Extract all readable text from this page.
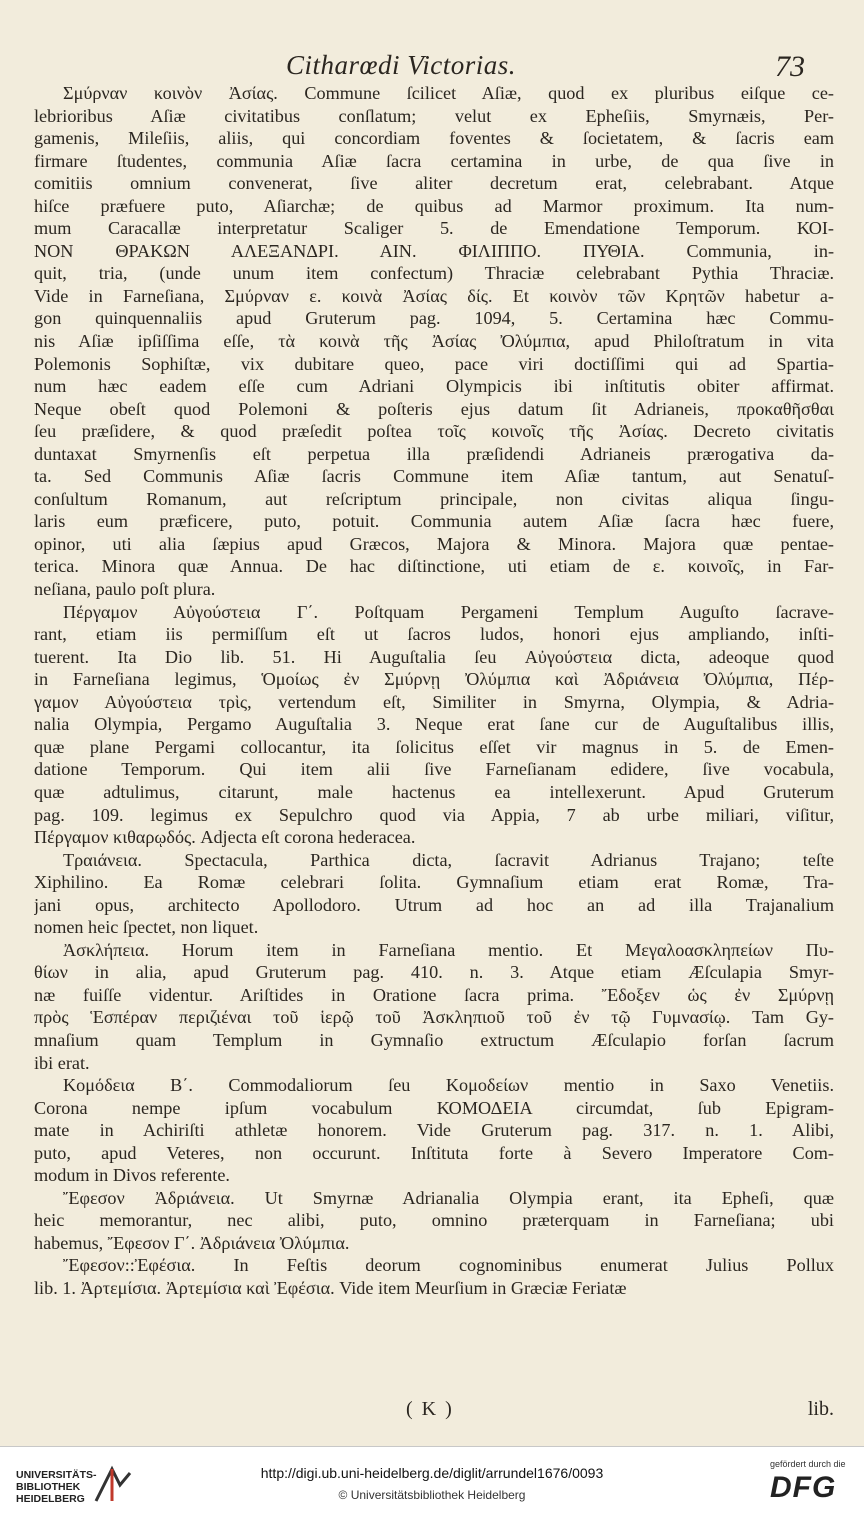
Citharœdi Victorias.	73
Σμύρναν κοινὸν Ἀσίας. Commune ſcilicet Aſiæ, quod ex pluribus eiſque ce-
lebrioribus Aſiæ civitatibus conſlatum; velut ex Epheſiis, Smyrnæis, Per-
gamenis, Mileſiis, aliis, qui concordiam foventes & ſocietatem, & ſacris eam
firmare ſtudentes, communia Aſiæ ſacra certamina in urbe, de qua ſive in
comitiis omnium convenerat, ſive aliter decretum erat, celebrabant. Atque
hiſce præfuere puto, Aſiarchæ; de quibus ad Marmor proximum. Ita num-
mum Caracallæ interpretatur Scaliger 5. de Emendatione Temporum. ΚΟΙ-
ΝΟΝ ΘΡΑΚΩΝ ΑΛΕΞΑΝΔΡΙ. ΑΙΝ. ΦΙΛΙΠΠΟ. ΠΥΘΙΑ. Communia, in-
quit, tria, (unde unum item confectum) Thraciæ celebrabant Pythia Thraciæ.
Vide in Farneſiana, Σμύρναν ε. κοινὰ Ἀσίας δίς. Et κοινὸν τῶν Κρητῶν habetur a-
gon quinquennaliis apud Gruterum pag. 1094, 5. Certamina hæc Commu-
nis Aſiæ ipſiſſima eſſe, τὰ κοινὰ τῆς Ἀσίας Ὀλύμπια, apud Philoſtratum in vita
Polemonis Sophiſtæ, vix dubitare queo, pace viri doctiſſimi qui ad Spartia-
num hæc eadem eſſe cum Adriani Olympicis ibi inſtitutis obiter affirmat.
Neque obeſt quod Polemoni & poſteris ejus datum ſit Adrianeis, προκαθῆσθαι
ſeu præſidere, & quod præſedit poſtea τοῖς κοινοῖς τῆς Ἀσίας. Decreto civitatis
duntaxat Smyrnenſis eſt perpetua illa præſidendi Adrianeis prærogativa da-
ta. Sed Communis Aſiæ ſacris Commune item Aſiæ tantum, aut Senatuſ-
conſultum Romanum, aut reſcriptum principale, non civitas aliqua ſingu-
laris eum præficere, puto, potuit. Communia autem Aſiæ ſacra hæc fuere,
opinor, uti alia ſæpius apud Græcos, Majora & Minora. Majora quæ pentae-
terica. Minora quæ Annua. De hac diſtinctione, uti etiam de ε. κοινοῖς, in Far-
neſiana, paulo poſt plura.
Πέργαμον Αὐγούστεια Γ΄. Poſtquam Pergameni Templum Auguſto ſacrave-
rant, etiam iis permiſſum eſt ut ſacros ludos, honori ejus ampliando, inſti-
tuerent. Ita Dio lib. 51. Hi Auguſtalia ſeu Αὐγούστεια dicta, adeoque quod
in Farneſiana legimus, Ὁμοίως ἐν Σμύρνῃ Ὀλύμπια καὶ Ἀδριάνεια Ὀλύμπια, Πέρ-
γαμον Αὐγούστεια τρὶς, vertendum eſt, Similiter in Smyrna, Olympia, & Adria-
nalia Olympia, Pergamo Auguſtalia 3. Neque erat ſane cur de Auguſtalibus illis,
quæ plane Pergami collocantur, ita ſolicitus eſſet vir magnus in 5. de Emen-
datione Temporum. Qui item alii ſive Farneſianam edidere, ſive vocabula,
quæ adtulimus, citarunt, male hactenus ea intellexerunt. Apud Gruterum
pag. 109. legimus ex Sepulchro quod via Appia, 7 ab urbe miliari, viſitur,
Πέργαμον κιθαρῳδός. Adjecta eſt corona hederacea.
Τραιάνεια. Spectacula, Parthica dicta, ſacravit Adrianus Trajano; teſte
Xiphilino. Ea Romæ celebrari ſolita. Gymnaſium etiam erat Romæ, Tra-
jani opus, architecto Apollodoro. Utrum ad hoc an ad illa Trajanalium
nomen heic ſpectet, non liquet.
Ἀσκλήπεια. Horum item in Farneſiana mentio. Et Μεγαλοασκληπείων Πυ-
θίων in alia, apud Gruterum pag. 410. n. 3. Atque etiam Æſculapia Smyr-
næ fuiſſe videntur. Ariſtides in Oratione ſacra prima. Ἔδοξεν ὡς ἐν Σμύρνῃ
πρὸς Ἑσπέραν περιζιέναι τοῦ ἱερῷ τοῦ Ἀσκληπιοῦ τοῦ ἐν τῷ Γυμνασίῳ. Tam Gy-
mnaſium quam Templum in Gymnaſio extructum Æſculapio forſan ſacrum
ibi erat.
Κομόδεια Β΄. Commodaliorum ſeu Κομοδείων mentio in Saxo Venetiis.
Corona nempe ipſum vocabulum ΚΟΜΟΔΕΙΑ circumdat, ſub Epigram-
mate in Achiriſti athletæ honorem. Vide Gruterum pag. 317. n. 1. Alibi,
puto, apud Veteres, non occurunt. Inſtituta forte à Severo Imperatore Com-
modum in Divos referente.
Ἔφεσον Ἀδριάνεια. Ut Smyrnæ Adrianalia Olympia erant, ita Epheſi, quæ
heic memorantur, nec alibi, puto, omnino præterquam in Farneſiana; ubi
habemus, Ἔφεσον Γ΄. Ἀδριάνεια Ὀλύμπια.
Ἔφεσον::Ἐφέσια. In Feſtis deorum cognominibus enumerat Julius Pollux
lib. 1. Ἀρτεμίσια. Ἀρτεμίσια καὶ Ἐφέσια. Vide item Meurſium in Græciæ Feriatæ
( K )	lib.
UNIVERSITÄTS-
BIBLIOTHEK
HEIDELBERG
http://digi.ub.uni-heidelberg.de/diglit/arrundel1676/0093
© Universitätsbibliothek Heidelberg
gefördert durch die
DFG
